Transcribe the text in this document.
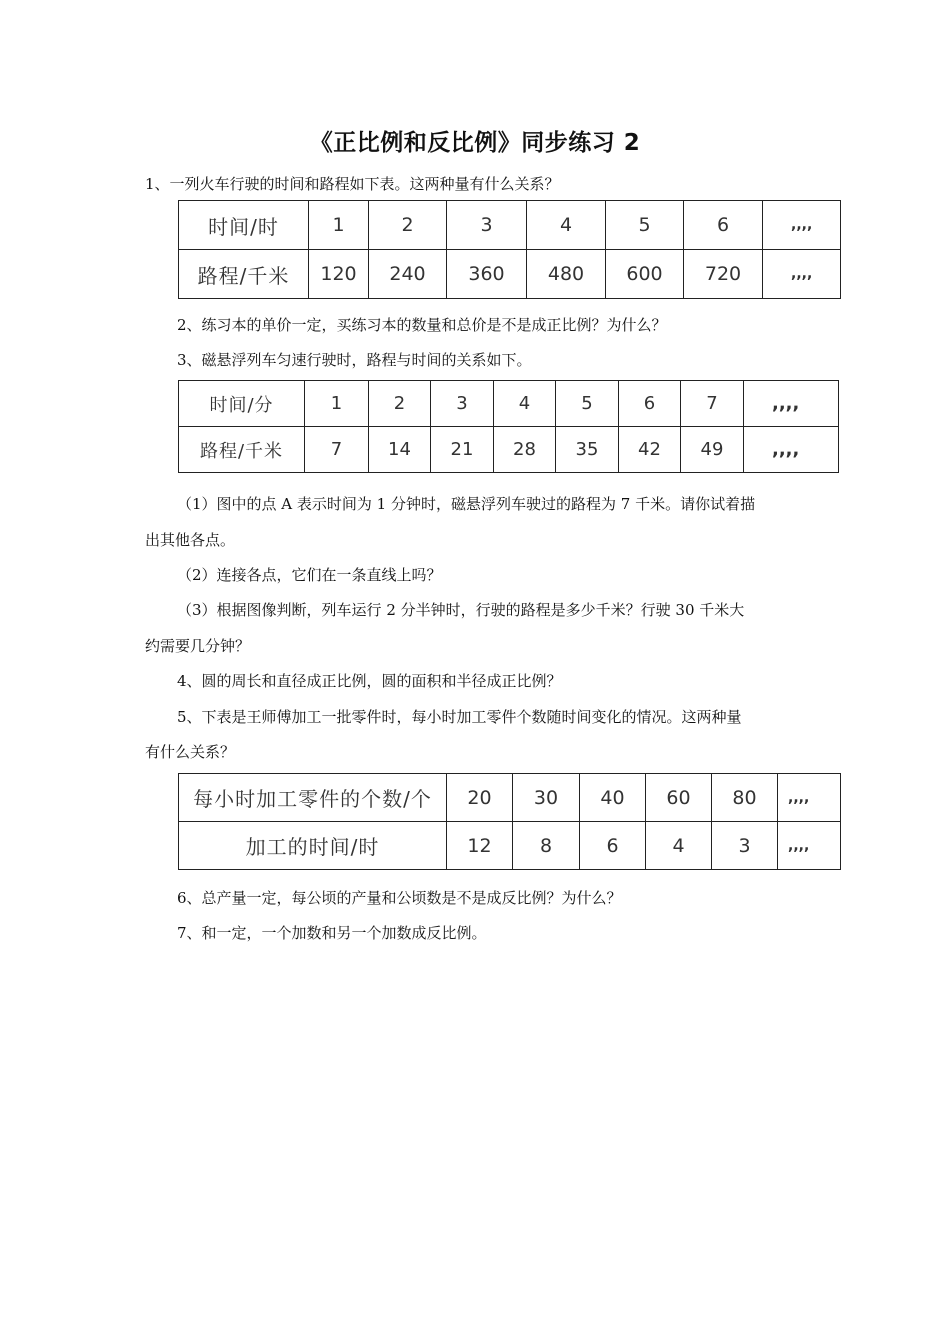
《正比例和反比例》同步练习 2
1、一列火车行驶的时间和路程如下表。这两种量有什么关系？
时间/时	1	2	3	4	5	6	,,,,
路程/千米	120	240	360	480	600	720	,,,,
2、练习本的单价一定，买练习本的数量和总价是不是成正比例？为什么？
3、磁悬浮列车匀速行驶时，路程与时间的关系如下。
时间/分	1	2	3	4	5	6	7	,,,,
路程/千米	7	14	21	28	35	42	49	,,,,
（1）图中的点 A 表示时间为 1 分钟时，磁悬浮列车驶过的路程为 7 千米。请你试着描
出其他各点。
（2）连接各点，它们在一条直线上吗？
（3）根据图像判断，列车运行 2 分半钟时，行驶的路程是多少千米？行驶 30 千米大
约需要几分钟？
4、圆的周长和直径成正比例，圆的面积和半径成正比例？
5、下表是王师傅加工一批零件时，每小时加工零件个数随时间变化的情况。这两种量
有什么关系？
每小时加工零件的个数/个	20	30	40	60	80	,,,,
加工的时间/时	12	8	6	4	3	,,,,
6、总产量一定，每公顷的产量和公顷数是不是成反比例？为什么？
7、和一定，一个加数和另一个加数成反比例。
